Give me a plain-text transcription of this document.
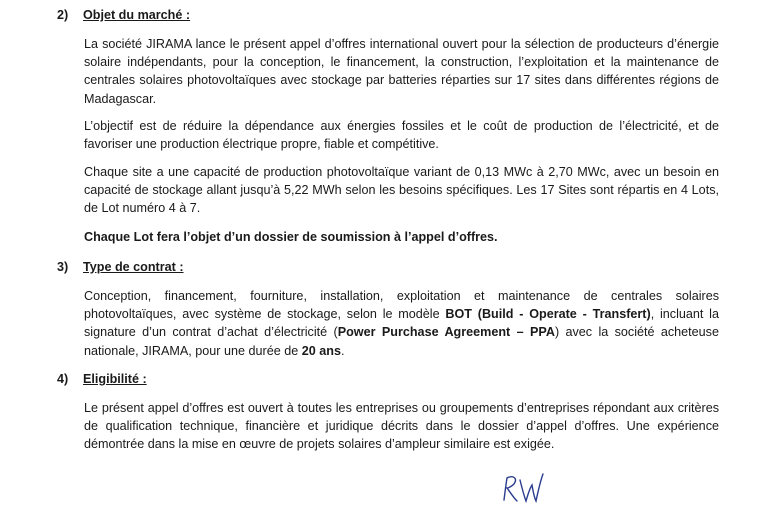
2) Objet du marché :

La société JIRAMA lance le présent appel d’offres international ouvert pour la sélection de producteurs d’énergie solaire indépendants, pour la conception, le financement, la construction, l’exploitation et la maintenance de centrales solaires photovoltaïques avec stockage par batteries réparties sur 17 sites dans différentes régions de Madagascar.

L’objectif est de réduire la dépendance aux énergies fossiles et le coût de production de l’électricité, et de favoriser une production électrique propre, fiable et compétitive.

Chaque site a une capacité de production photovoltaïque variant de 0,13 MWc à 2,70 MWc, avec un besoin en capacité de stockage allant jusqu’à 5,22 MWh selon les besoins spécifiques. Les 17 Sites sont répartis en 4 Lots, de Lot numéro 4 à 7.

Chaque Lot fera l’objet d’un dossier de soumission à l’appel d’offres.

3) Type de contrat :

Conception, financement, fourniture, installation, exploitation et maintenance de centrales solaires photovoltaïques, avec système de stockage, selon le modèle BOT (Build - Operate - Transfert), incluant la signature d’un contrat d’achat d’électricité (Power Purchase Agreement – PPA) avec la société acheteuse nationale, JIRAMA, pour une durée de 20 ans.

4) Eligibilité :

Le présent appel d’offres est ouvert à toutes les entreprises ou groupements d’entreprises répondant aux critères de qualification technique, financière et juridique décrits dans le dossier d’appel d’offres. Une expérience démontrée dans la mise en œuvre de projets solaires d’ampleur similaire est exigée.
